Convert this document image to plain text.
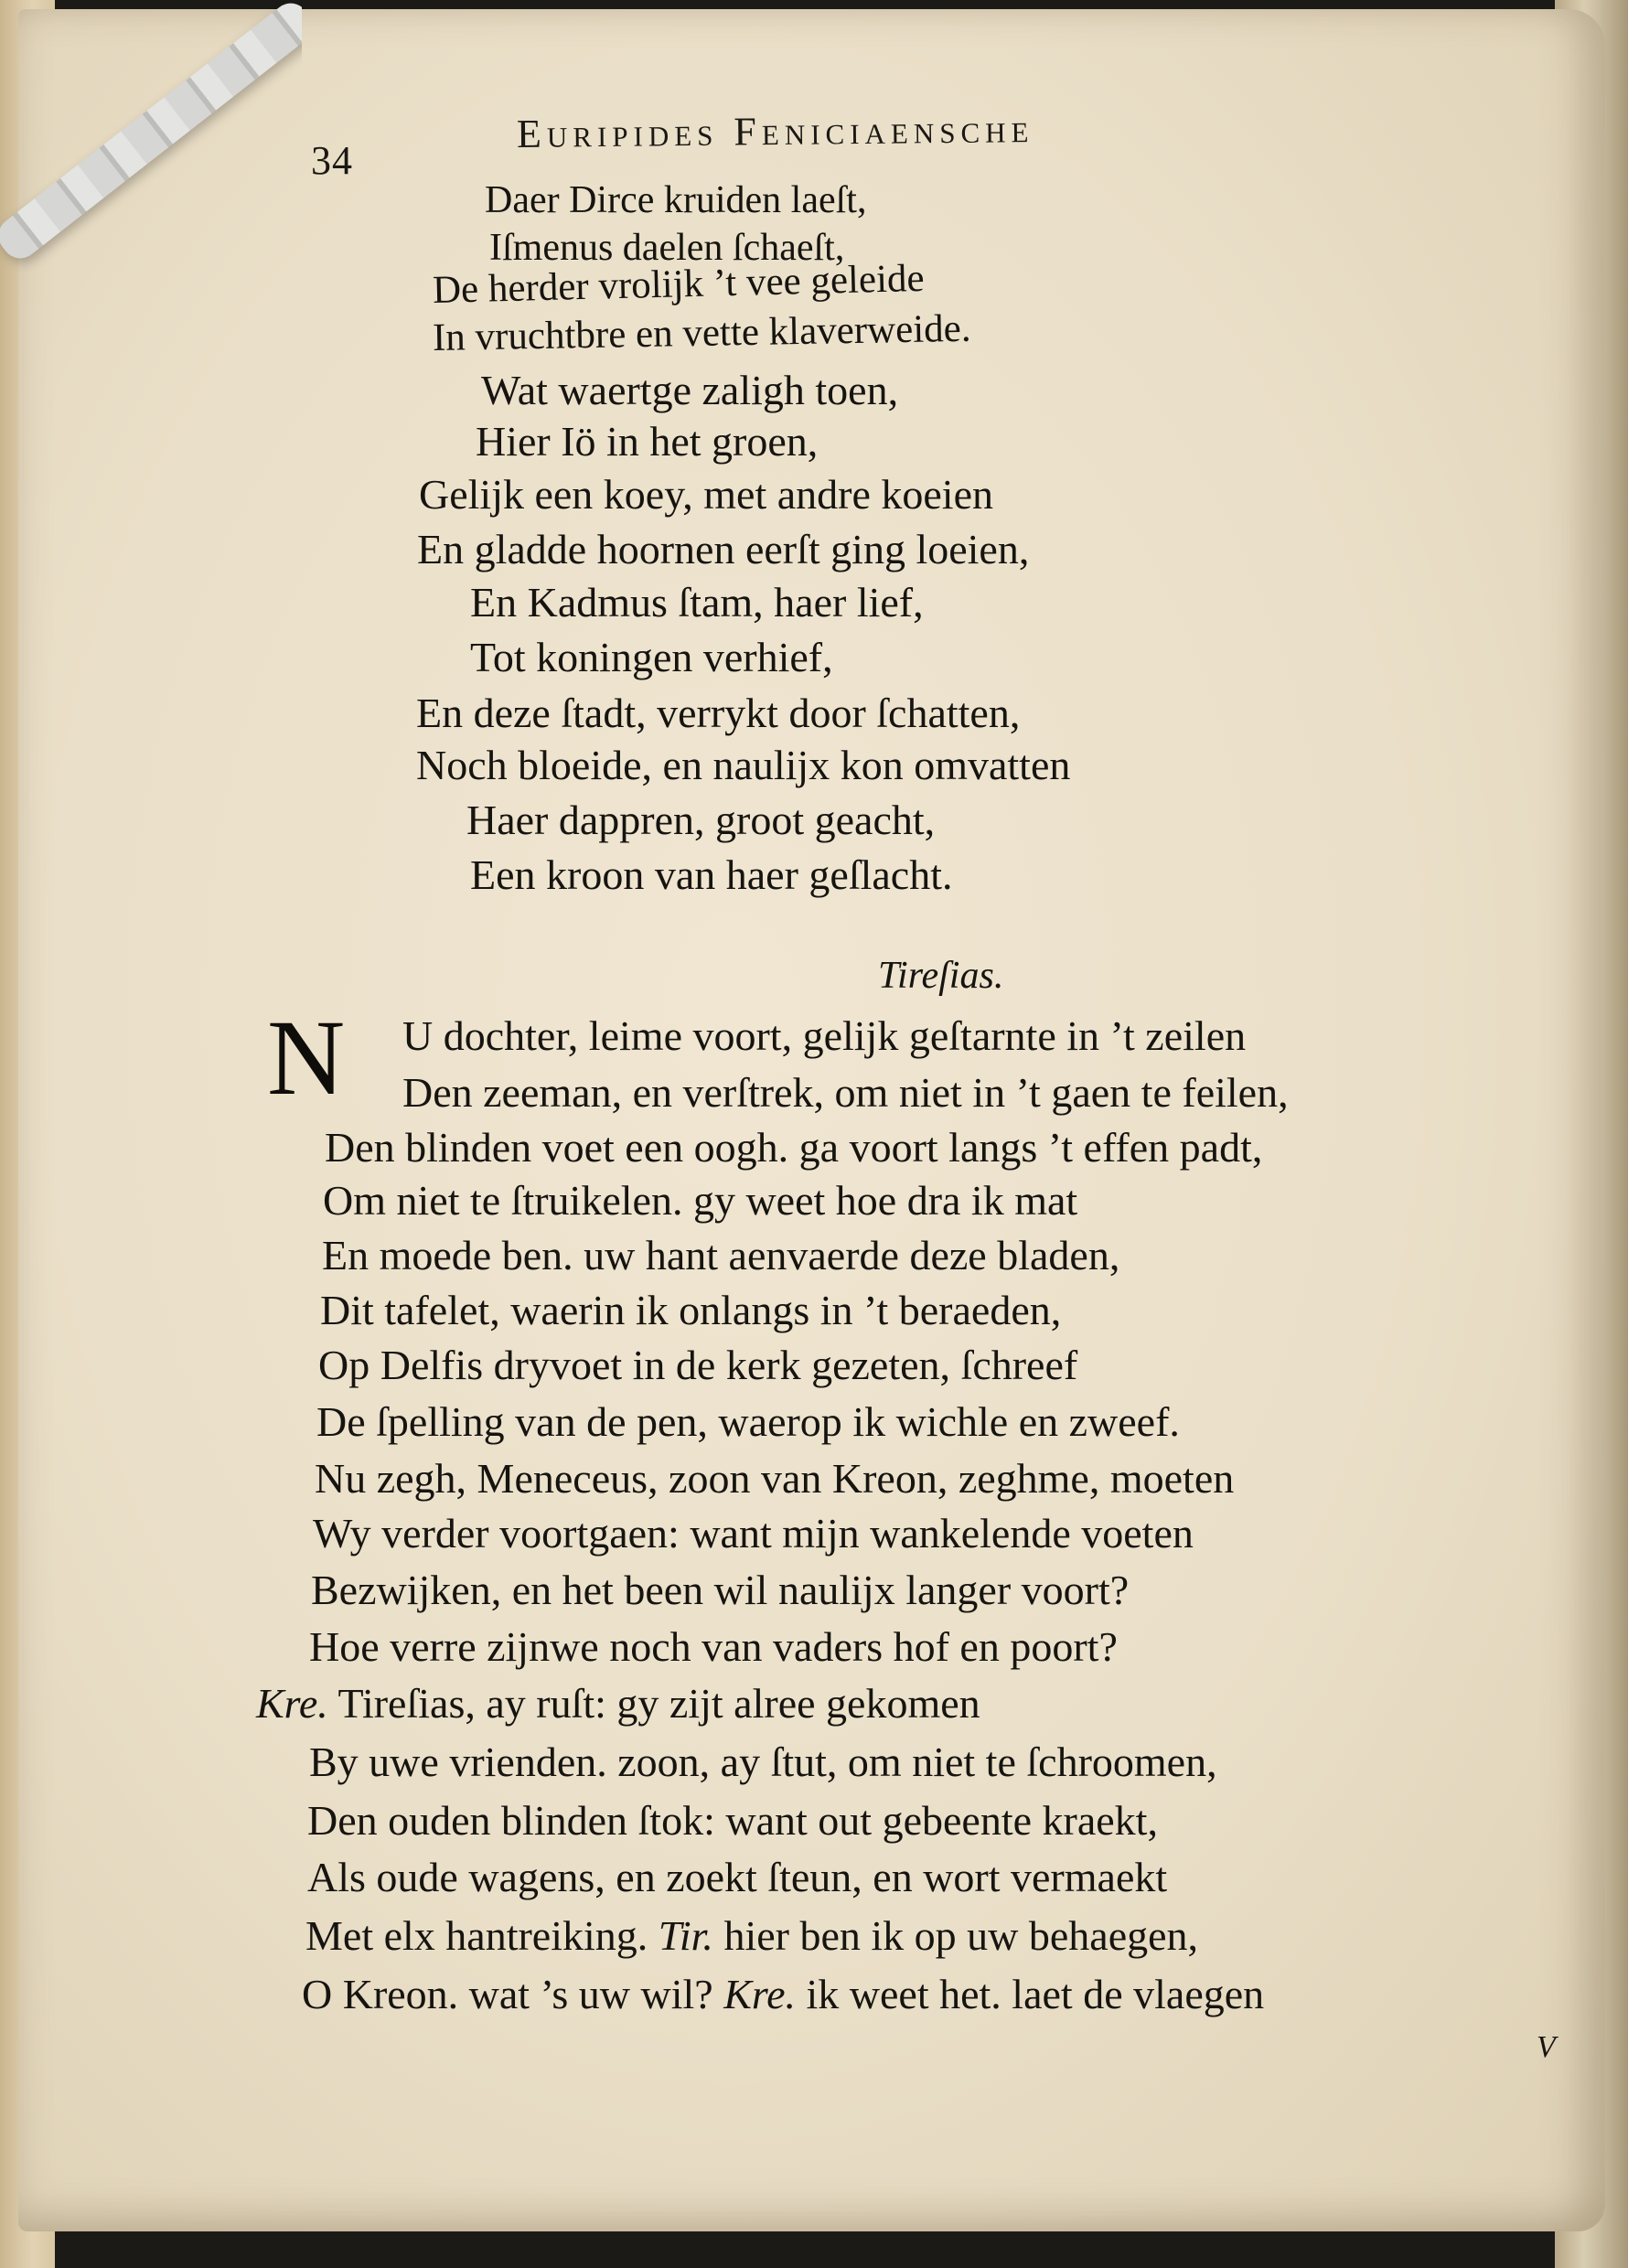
34
Euripides Feniciaensche
Daer Dirce kruiden laeſt,
Iſmenus daelen ſchaeſt,
De herder vrolijk ’t vee geleide
In vruchtbre en vette klaverweide.
Wat waertge zaligh toen,
Hier Iö in het groen,
Gelijk een koey, met andre koeien
En gladde hoornen eerſt ging loeien,
En Kadmus ſtam, haer lief,
Tot koningen verhief,
En deze ſtadt, verrykt door ſchatten,
Noch bloeide, en naulijx kon omvatten
Haer dappren, groot geacht,
Een kroon van haer geſlacht.
Tireſias.
N U dochter, leime voort, gelijk geſtarnte in ’t zeilen
Den zeeman, en verſtrek, om niet in ’t gaen te feilen,
Den blinden voet een oogh. ga voort langs ’t effen padt,
Om niet te ſtruikelen. gy weet hoe dra ik mat
En moede ben. uw hant aenvaerde deze bladen,
Dit tafelet, waerin ik onlangs in ’t beraeden,
Op Delfis dryvoet in de kerk gezeten, ſchreef
De ſpelling van de pen, waerop ik wichle en zweef.
Nu zegh, Meneceus, zoon van Kreon, zeghme, moeten
Wy verder voortgaen: want mijn wankelende voeten
Bezwijken, en het been wil naulijx langer voort?
Hoe verre zijnwe noch van vaders hof en poort?
Kre. Tireſias, ay ruſt: gy zijt alree gekomen
By uwe vrienden. zoon, ay ſtut, om niet te ſchroomen,
Den ouden blinden ſtok: want out gebeente kraekt,
Als oude wagens, en zoekt ſteun, en wort vermaekt
Met elx hantreiking. Tir. hier ben ik op uw behaegen,
O Kreon. wat ’s uw wil? Kre. ik weet het. laet de vlaegen
V
